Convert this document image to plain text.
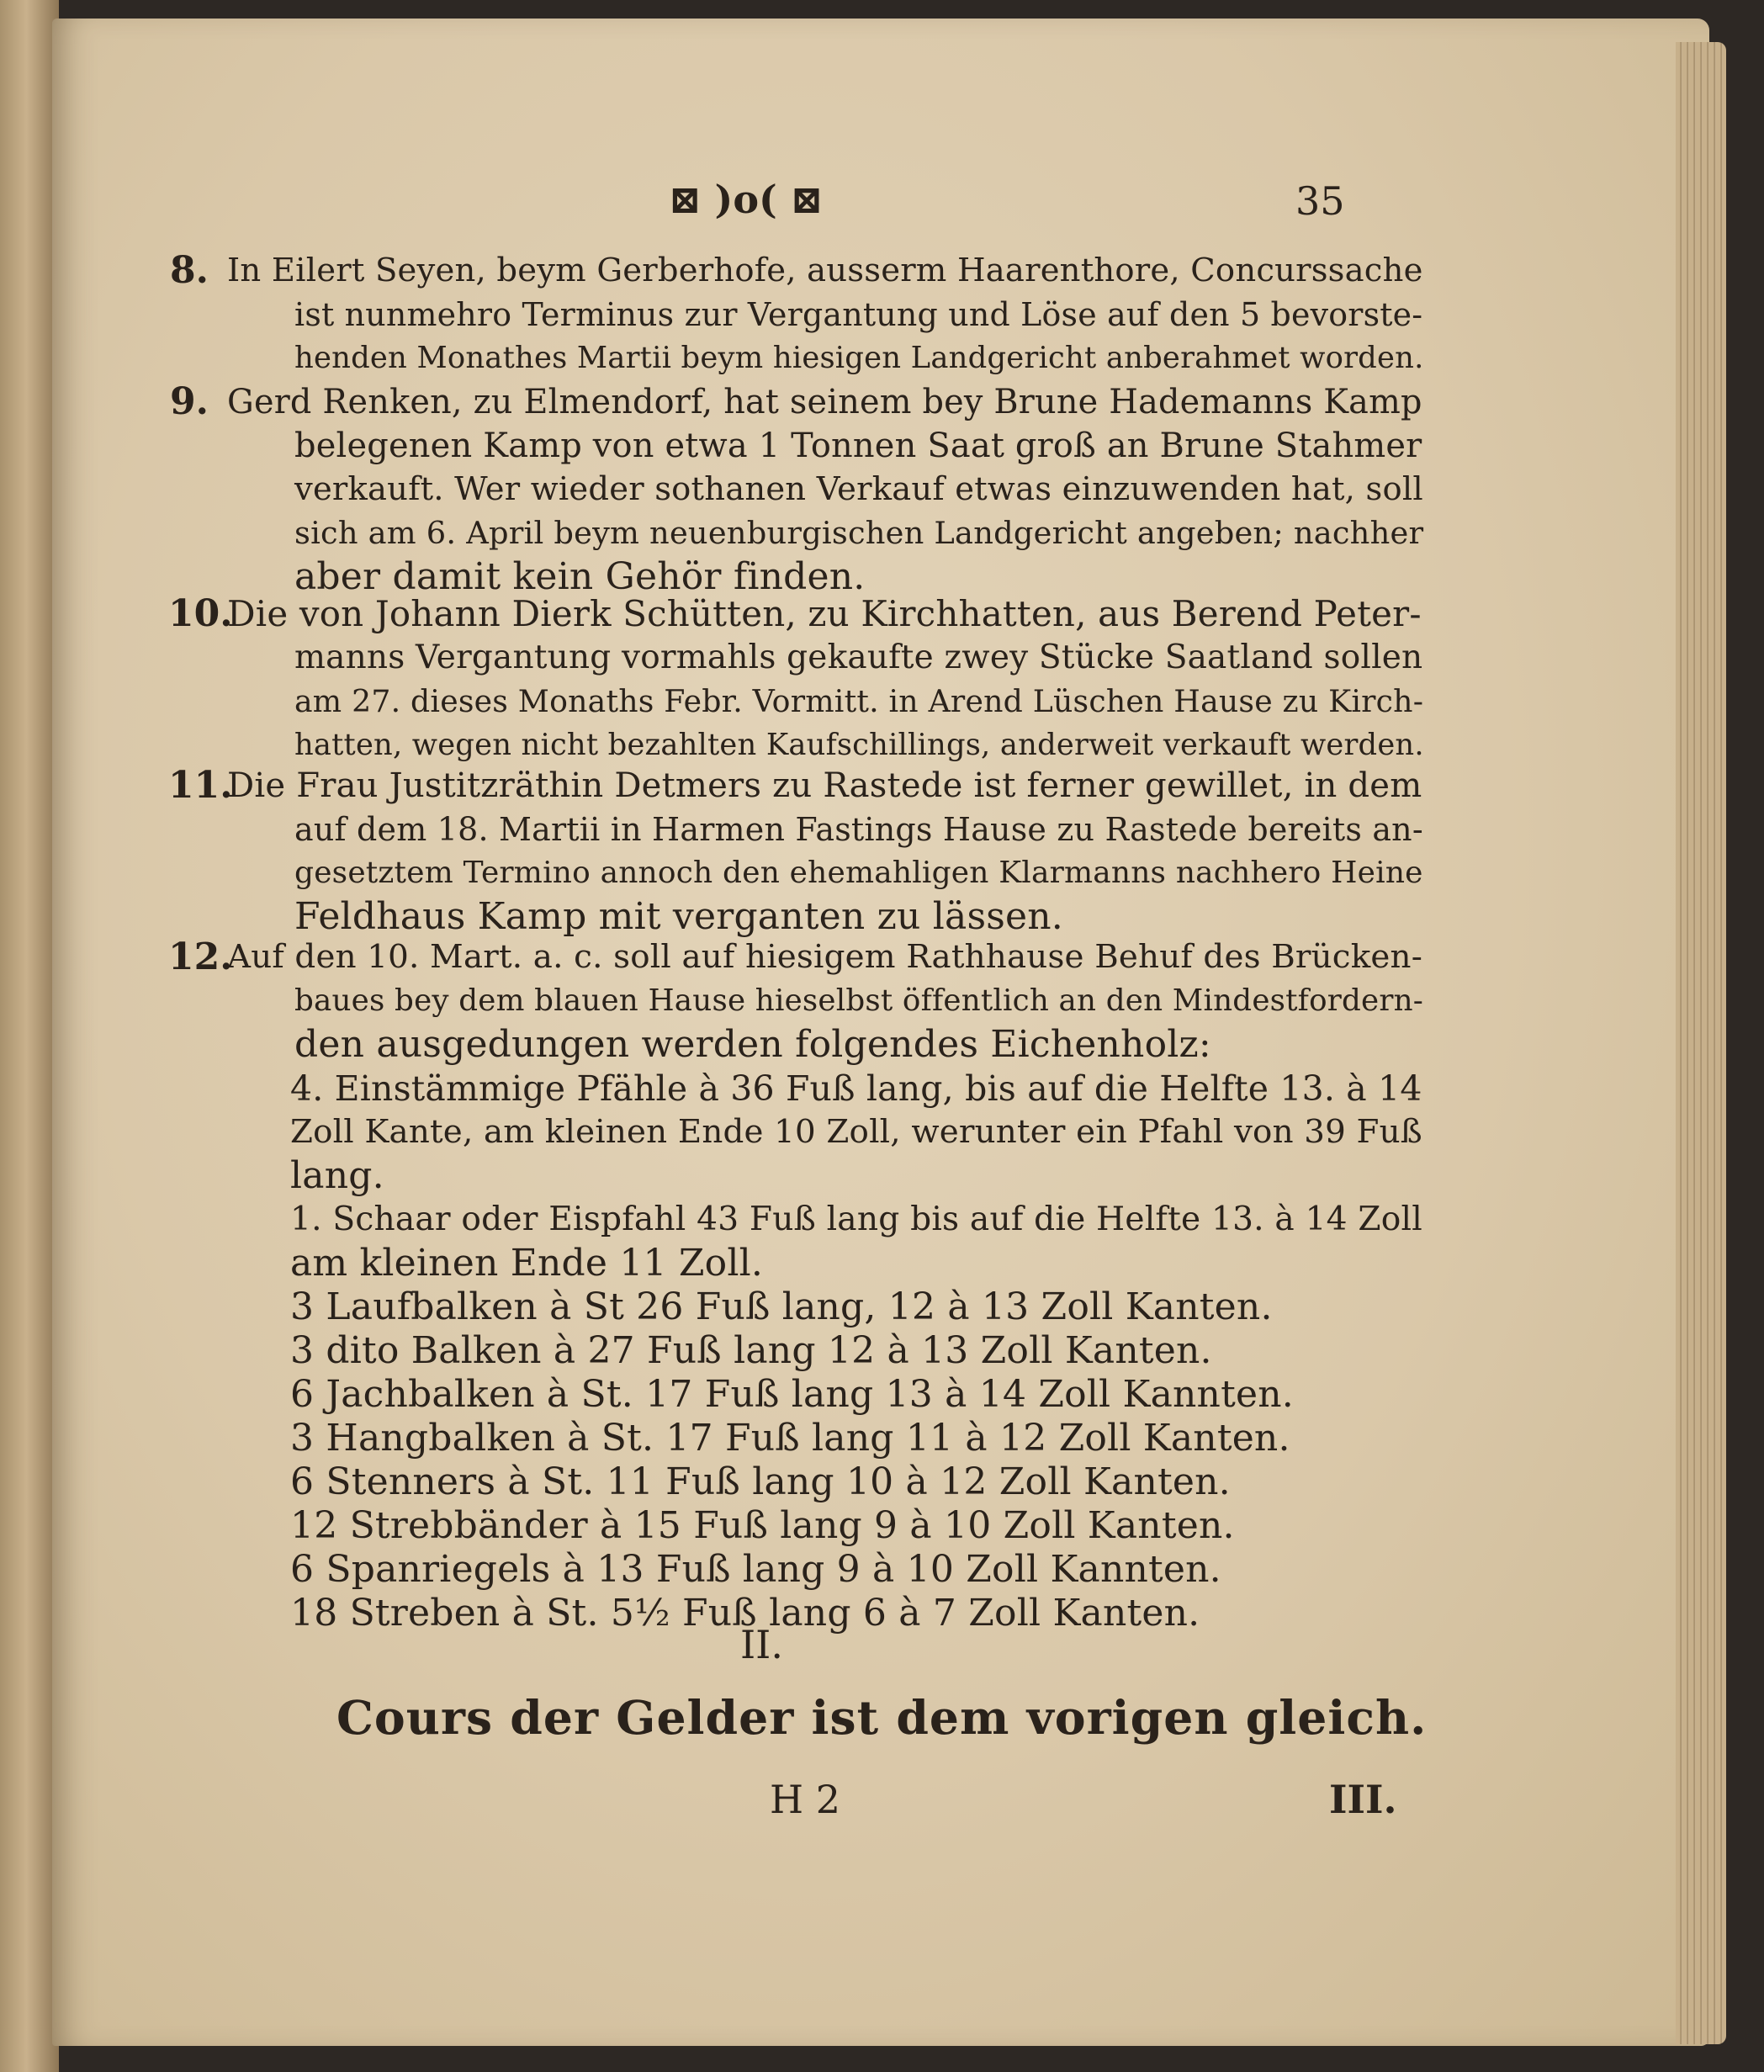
⊠ )o( ⊠	35
8. In Eilert Seyen, beym Gerberhofe, ausserm Haarenthore, Concurssache
ist nunmehro Terminus zur Vergantung und Löse auf den 5 bevorste-
henden Monathes Martii beym hiesigen Landgericht anberahmet worden.
9. Gerd Renken, zu Elmendorf, hat seinem bey Brune Hademanns Kamp
belegenen Kamp von etwa 1 Tonnen Saat groß an Brune Stahmer
verkauft. Wer wieder sothanen Verkauf etwas einzuwenden hat, soll
sich am 6. April beym neuenburgischen Landgericht angeben; nachher
aber damit kein Gehör finden.
10.
Die von Johann Dierk Schütten, zu Kirchhatten, aus Berend Peter-
manns Vergantung vormahls gekaufte zwey Stücke Saatland sollen
am 27. dieses Monaths Febr. Vormitt. in Arend Lüschen Hause zu Kirch-
hatten, wegen nicht bezahlten Kaufschillings, anderweit verkauft werden.
11.
Die Frau Justitzräthin Detmers zu Rastede ist ferner gewillet, in dem
auf dem 18. Martii in Harmen Fastings Hause zu Rastede bereits an-
gesetztem Termino annoch den ehemahligen Klarmanns nachhero Heine
Feldhaus Kamp mit verganten zu lässen.
12.
Auf den 10. Mart. a. c. soll auf hiesigem Rathhause Behuf des Brücken-
baues bey dem blauen Hause hieselbst öffentlich an den Mindestfordern-
den ausgedungen werden folgendes Eichenholz:
4. Einstämmige Pfähle à 36 Fuß lang, bis auf die Helfte 13. à 14
Zoll Kante, am kleinen Ende 10 Zoll, werunter ein Pfahl von 39 Fuß
lang.
1. Schaar oder Eispfahl 43 Fuß lang bis auf die Helfte 13. à 14 Zoll
am kleinen Ende 11 Zoll.
3 Laufbalken à St 26 Fuß lang, 12 à 13 Zoll Kanten.
3 dito Balken à 27 Fuß lang 12 à 13 Zoll Kanten.
6 Jachbalken à St. 17 Fuß lang 13 à 14 Zoll Kannten.
3 Hangbalken à St. 17 Fuß lang 11 à 12 Zoll Kanten.
6 Stenners à St. 11 Fuß lang 10 à 12 Zoll Kanten.
12 Strebbänder à 15 Fuß lang 9 à 10 Zoll Kanten.
6 Spanriegels à 13 Fuß lang 9 à 10 Zoll Kannten.
18 Streben à St. 5½ Fuß lang 6 à 7 Zoll Kanten.
II.
Cours der Gelder ist dem vorigen gleich.
H 2	III.
